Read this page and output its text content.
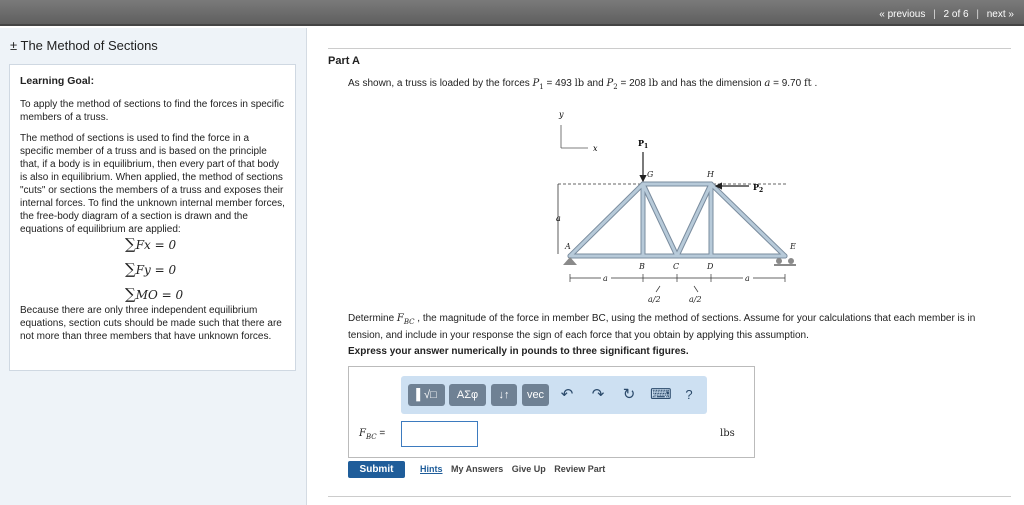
« previous | 2 of 6 | next »
± The Method of Sections
Learning Goal:

To apply the method of sections to find the forces in specific members of a truss.

The method of sections is used to find the force in a specific member of a truss and is based on the principle that, if a body is in equilibrium, then every part of that body is also in equilibrium. When applied, the method of sections "cuts" or sections the members of a truss and exposes their internal forces. To find the unknown internal member forces, the free-body diagram of a section is drawn and the equations of equilibrium are applied:

∑Fx = 0
∑Fy = 0
∑MO = 0

Because there are only three independent equilibrium equations, section cuts should be made such that there are not more than three members that have unknown forces.

Part A
As shown, a truss is loaded by the forces $P_1 = 493$ lb and $P_2 = 208$ lb and has the dimension a = 9.70 ft .
y
x
a
$P_1$
$P_2$
G	H
A	E
B	C	D
a	a
a/2	a/2
Determine $F_{BC}$ , the magnitude of the force in member BC, using the method of sections. Assume for your calculations that each member is in tension, and include in your response the sign of each force that you obtain by applying this assumption.
Express your answer numerically in pounds to three significant figures.
▌√□	ΑΣφ	↓↑	vec	↶ ↷ ↻ ⌨	?
$F_{BC}$ =	lbs
Submit	Hints My Answers Give Up Review Part
